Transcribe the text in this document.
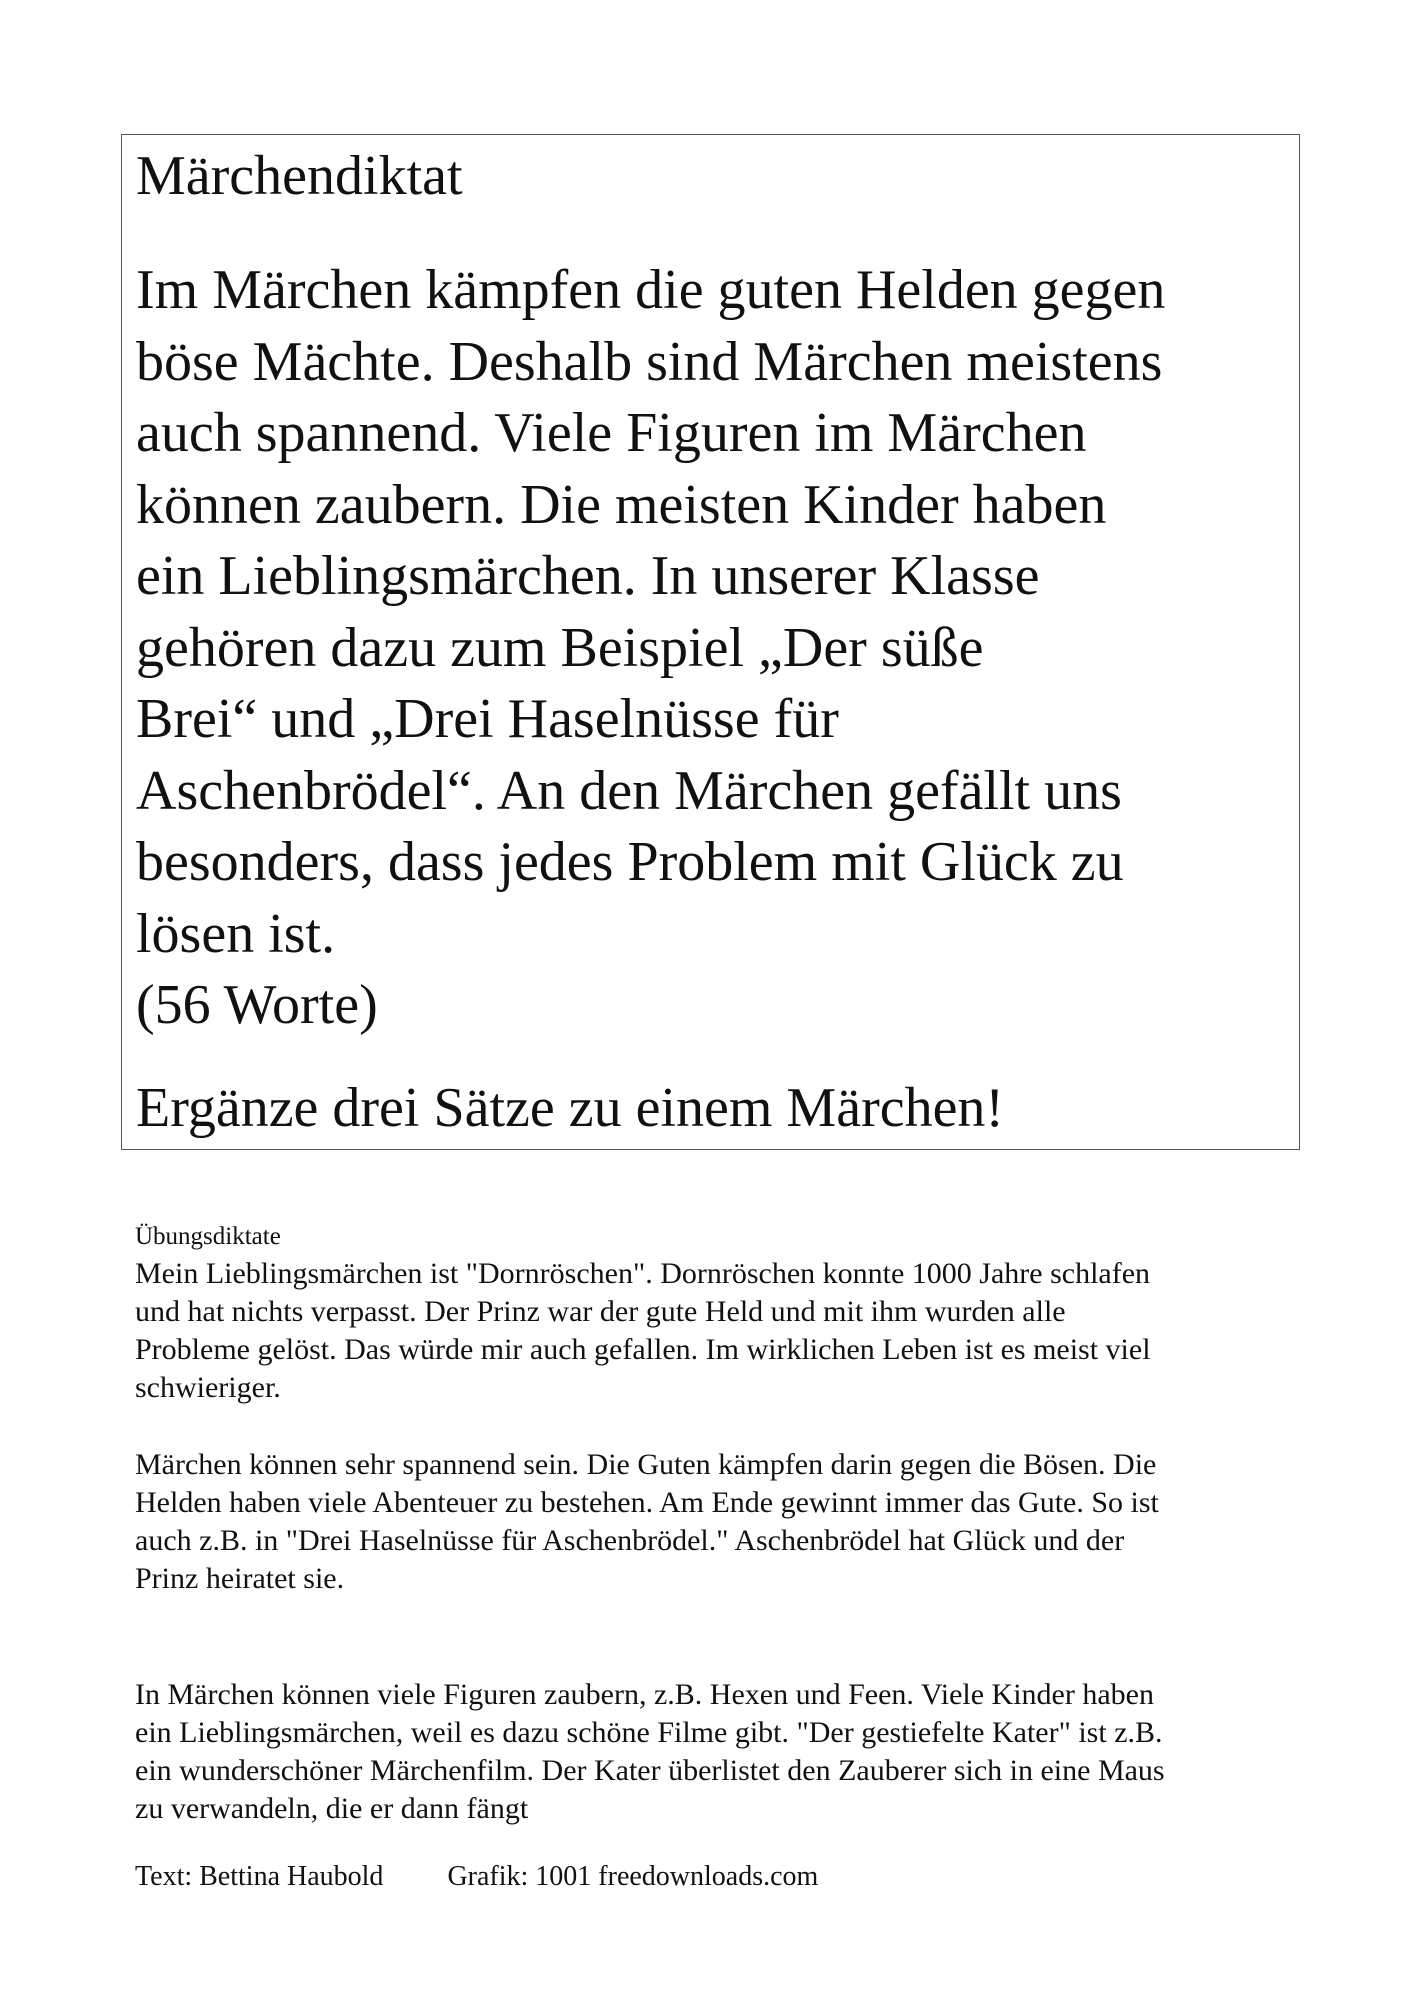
Märchendiktat
Im Märchen kämpfen die guten Helden gegen
böse Mächte. Deshalb sind Märchen meistens
auch spannend. Viele Figuren im Märchen
können zaubern. Die meisten Kinder haben
ein Lieblingsmärchen. In unserer Klasse
gehören dazu zum Beispiel „Der süße
Brei“ und „Drei Haselnüsse für
Aschenbrödel“. An den Märchen gefällt uns
besonders, dass jedes Problem mit Glück zu
lösen ist.
(56 Worte)
Ergänze drei Sätze zu einem Märchen!
Übungsdiktate
Mein Lieblingsmärchen ist "Dornröschen". Dornröschen konnte 1000 Jahre schlafen
und hat nichts verpasst. Der Prinz war der gute Held und mit ihm wurden alle
Probleme gelöst. Das würde mir auch gefallen. Im wirklichen Leben ist es meist viel
schwieriger.
Märchen können sehr spannend sein. Die Guten kämpfen darin gegen die Bösen. Die
Helden haben viele Abenteuer zu bestehen. Am Ende gewinnt immer das Gute. So ist
auch z.B. in "Drei Haselnüsse für Aschenbrödel." Aschenbrödel hat Glück und der
Prinz heiratet sie.
In Märchen können viele Figuren zaubern, z.B. Hexen und Feen. Viele Kinder haben
ein Lieblingsmärchen, weil es dazu schöne Filme gibt. "Der gestiefelte Kater" ist z.B.
ein wunderschöner Märchenfilm. Der Kater überlistet den Zauberer sich in eine Maus
zu verwandeln, die er dann fängt
Text: Bettina Haubold Grafik: 1001 freedownloads.com
